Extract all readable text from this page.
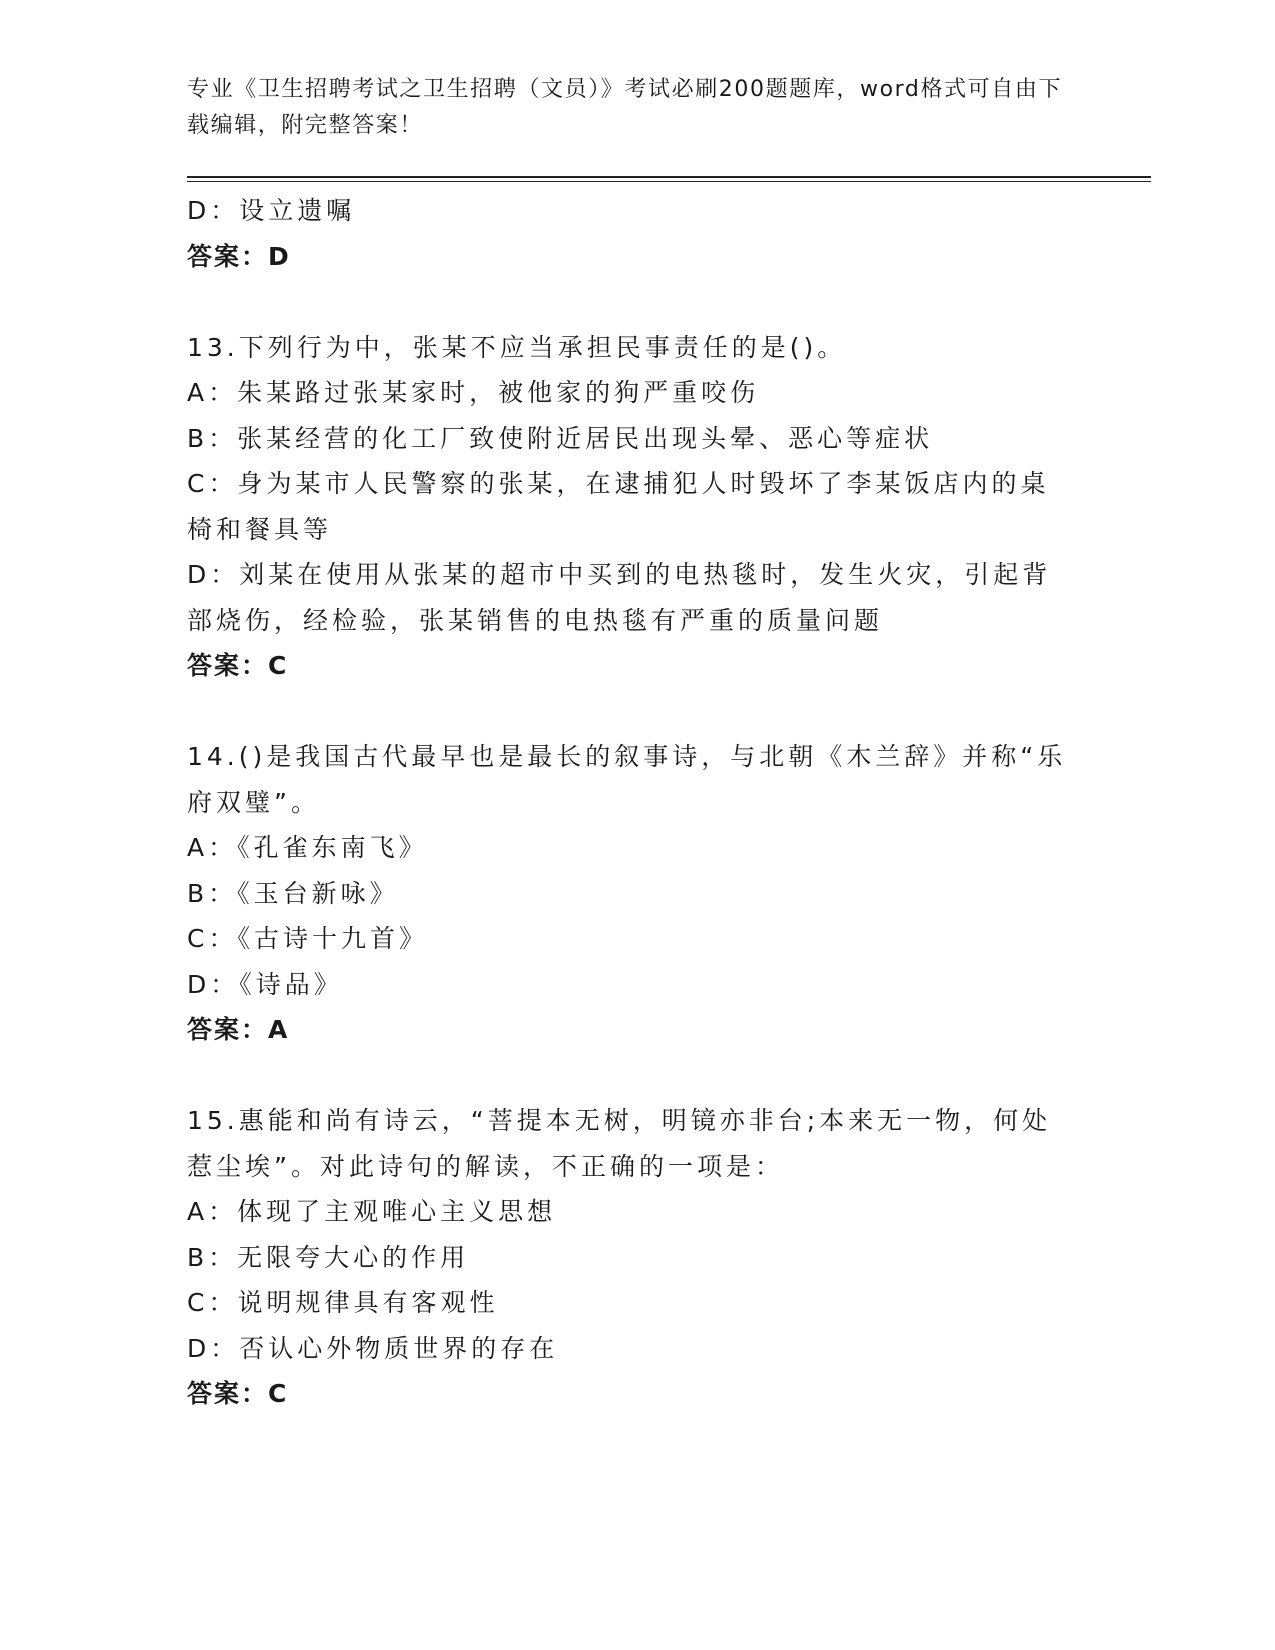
专业《卫生招聘考试之卫生招聘（文员）》考试必刷200题题库，word格式可自由下载编辑，附完整答案！
D：设立遗嘱
答案：D
13.下列行为中，张某不应当承担民事责任的是()。
A：朱某路过张某家时，被他家的狗严重咬伤
B：张某经营的化工厂致使附近居民出现头晕、恶心等症状
C：身为某市人民警察的张某，在逮捕犯人时毁坏了李某饭店内的桌椅和餐具等
D：刘某在使用从张某的超市中买到的电热毯时，发生火灾，引起背部烧伤，经检验，张某销售的电热毯有严重的质量问题
答案：C
14.()是我国古代最早也是最长的叙事诗，与北朝《木兰辞》并称“乐府双璧”。
A：《孔雀东南飞》
B：《玉台新咏》
C：《古诗十九首》
D：《诗品》
答案：A
15.惠能和尚有诗云，“菩提本无树，明镜亦非台;本来无一物，何处惹尘埃”。对此诗句的解读，不正确的一项是：
A：体现了主观唯心主义思想
B：无限夸大心的作用
C：说明规律具有客观性
D：否认心外物质世界的存在
答案：C
